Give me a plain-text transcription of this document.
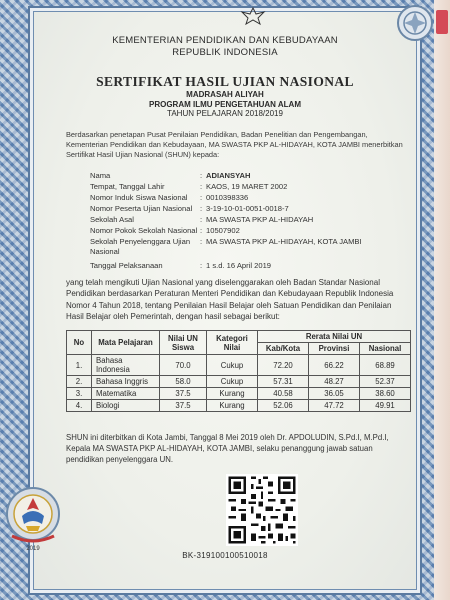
KEMENTERIAN PENDIDIKAN DAN KEBUDAYAAN
REPUBLIK INDONESIA
SERTIFIKAT HASIL UJIAN NASIONAL
MADRASAH ALIYAH
PROGRAM ILMU PENGETAHUAN ALAM
TAHUN PELAJARAN 2018/2019
Berdasarkan penetapan Pusat Penilaian Pendidikan, Badan Penelitian dan Pengembangan, Kementerian Pendidikan dan Kebudayaan, MA SWASTA PKP AL-HIDAYAH, KOTA JAMBI menerbitkan Sertifikat Hasil Ujian Nasional (SHUN) kepada:
Nama	: ADIANSYAH
Tempat, Tanggal Lahir	: KAOS, 19 MARET 2002
Nomor Induk Siswa Nasional	: 0010398336
Nomor Peserta Ujian Nasional	: 3-19-10-01-0051-0018-7
Sekolah Asal	: MA SWASTA PKP AL-HIDAYAH
Nomor Pokok Sekolah Nasional : 10507902
Sekolah Penyelenggara Ujian Nasional
: MA SWASTA PKP AL-HIDAYAH, KOTA JAMBI
Tanggal Pelaksanaan	: 1 s.d. 16 April 2019
yang telah mengikuti Ujian Nasional yang diselenggarakan oleh Badan Standar Nasional Pendidikan berdasarkan Peraturan Menteri Pendidikan dan Kebudayaan Republik Indonesia Nomor 4 Tahun 2018, tentang Penilaian Hasil Belajar oleh Satuan Pendidikan dan Penilaian Hasil Belajar oleh Pemerintah, dengan hasil sebagai berikut:
No	Mata Pelajaran	Nilai UN Siswa	Kategori Nilai	Rerata Nilai UN		
				Kab/Kota	Provinsi	Nasional
1.	Bahasa Indonesia	70.0	Cukup	72.20	66.22	68.89
2.	Bahasa Inggris	58.0	Cukup	57.31	48.27	52.37
3.	Matematika	37.5	Kurang	40.58	36.05	38.60
4.	Biologi	37.5	Kurang	52.06	47.72	49.91
SHUN ini diterbitkan di Kota Jambi, Tanggal 8 Mei 2019 oleh Dr. APDOLUDIN, S.Pd.I, M.Pd.I, Kepala MA SWASTA PKP AL-HIDAYAH, KOTA JAMBI, selaku penanggung jawab satuan pendidikan penyelenggara UN.
BK-319100100510018
2019
